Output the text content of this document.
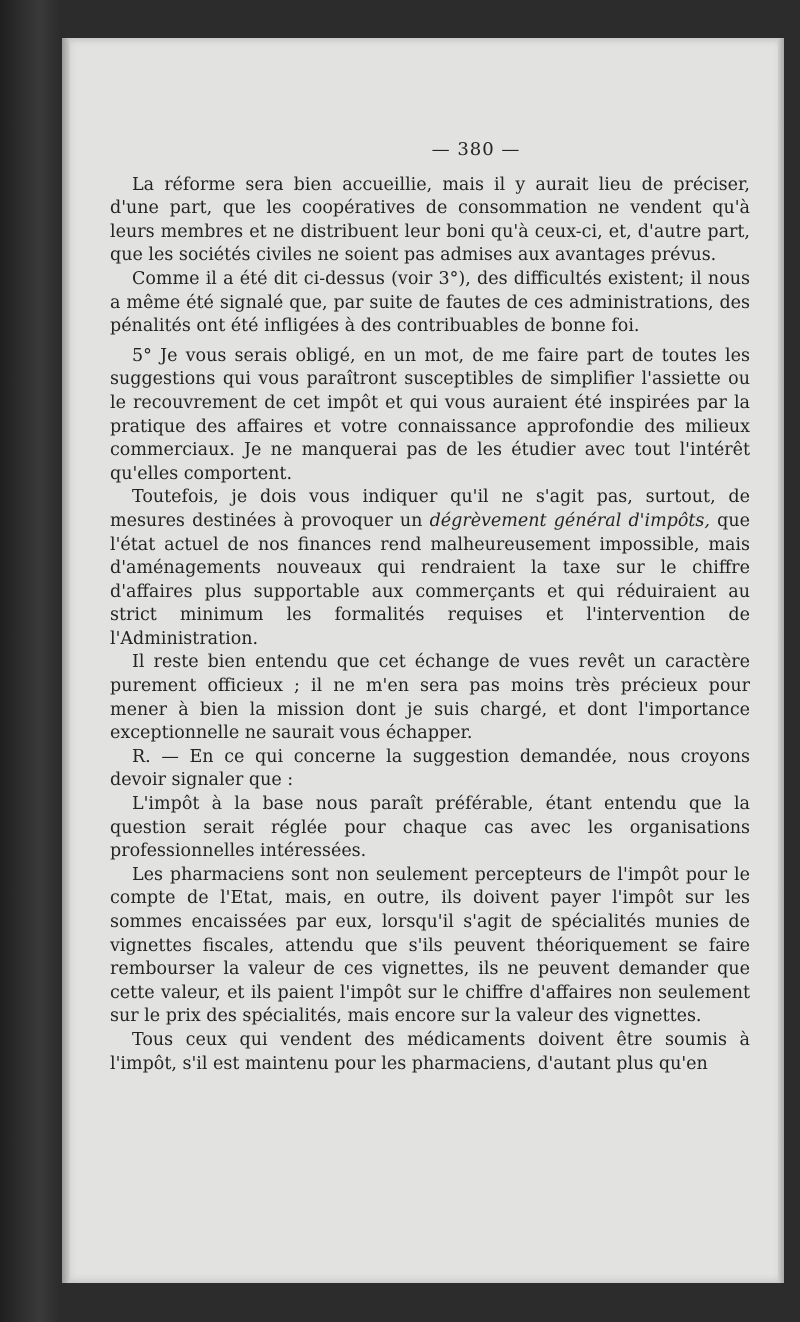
— 380 —

La réforme sera bien accueillie, mais il y aurait lieu de préciser, d'une part, que les coopératives de consommation ne vendent qu'à leurs membres et ne distribuent leur boni qu'à ceux-ci, et, d'autre part, que les sociétés civiles ne soient pas admises aux avantages prévus.

Comme il a été dit ci-dessus (voir 3°), des difficultés existent; il nous a même été signalé que, par suite de fautes de ces administrations, des pénalités ont été infligées à des contribuables de bonne foi.

5° Je vous serais obligé, en un mot, de me faire part de toutes les suggestions qui vous paraîtront susceptibles de simplifier l'assiette ou le recouvrement de cet impôt et qui vous auraient été inspirées par la pratique des affaires et votre connaissance approfondie des milieux commerciaux. Je ne manquerai pas de les étudier avec tout l'intérêt qu'elles comportent.

Toutefois, je dois vous indiquer qu'il ne s'agit pas, surtout, de mesures destinées à provoquer un dégrèvement général d'impôts, que l'état actuel de nos finances rend malheureusement impossible, mais d'aménagements nouveaux qui rendraient la taxe sur le chiffre d'affaires plus supportable aux commerçants et qui réduiraient au strict minimum les formalités requises et l'intervention de l'Administration.

Il reste bien entendu que cet échange de vues revêt un caractère purement officieux ; il ne m'en sera pas moins très précieux pour mener à bien la mission dont je suis chargé, et dont l'importance exceptionnelle ne saurait vous échapper.

R. — En ce qui concerne la suggestion demandée, nous croyons devoir signaler que :

L'impôt à la base nous paraît préférable, étant entendu que la question serait réglée pour chaque cas avec les organisations professionnelles intéressées.

Les pharmaciens sont non seulement percepteurs de l'impôt pour le compte de l'Etat, mais, en outre, ils doivent payer l'impôt sur les sommes encaissées par eux, lorsqu'il s'agit de spécialités munies de vignettes fiscales, attendu que s'ils peuvent théoriquement se faire rembourser la valeur de ces vignettes, ils ne peuvent demander que cette valeur, et ils paient l'impôt sur le chiffre d'affaires non seulement sur le prix des spécialités, mais encore sur la valeur des vignettes.

Tous ceux qui vendent des médicaments doivent être soumis à l'impôt, s'il est maintenu pour les pharmaciens, d'autant plus qu'en
